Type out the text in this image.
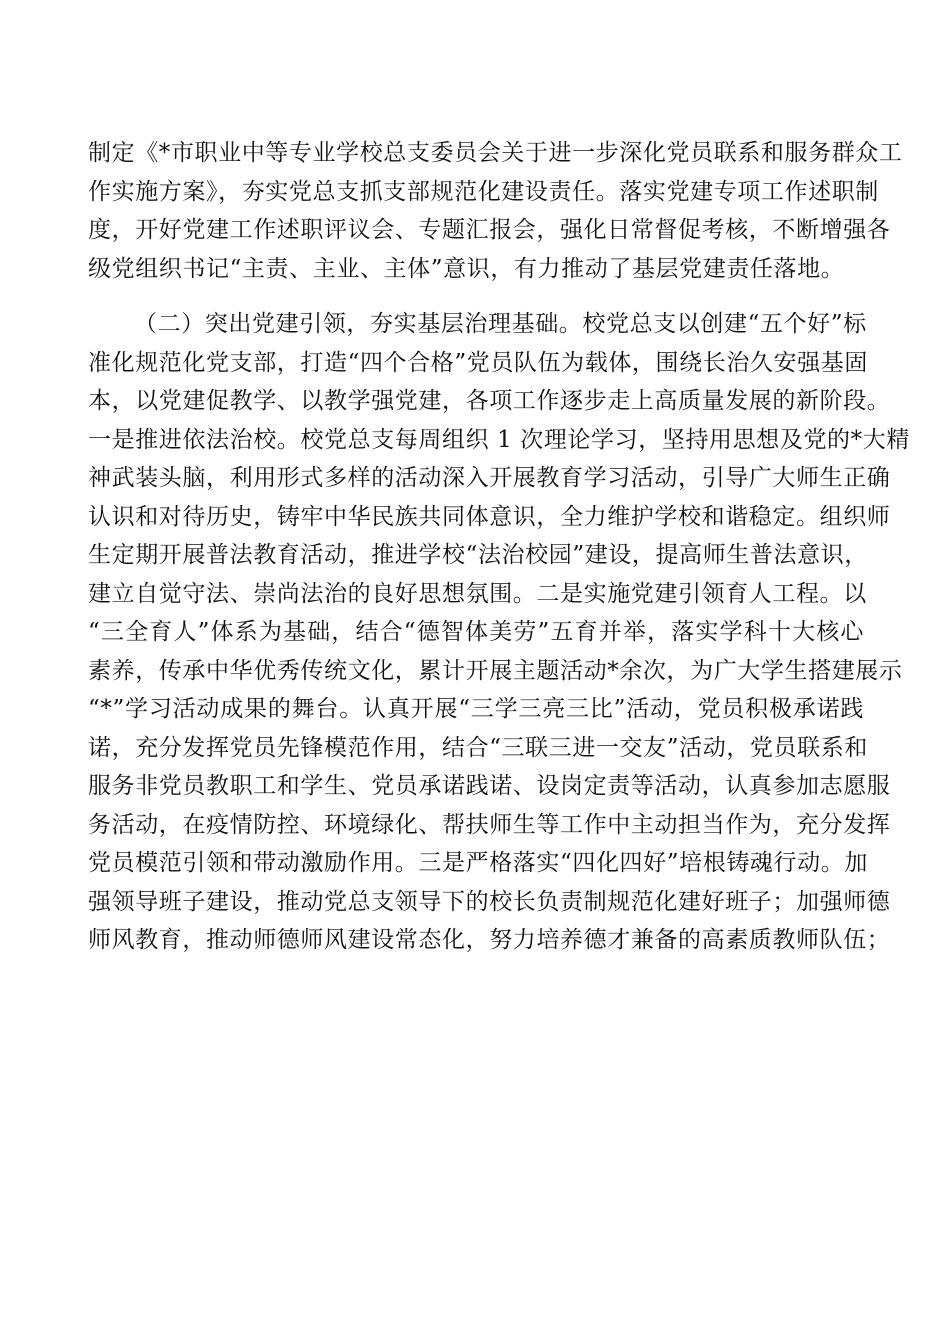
制定《*市职业中等专业学校总支委员会关于进一步深化党员联系和服务群众工
作实施方案》，夯实党总支抓支部规范化建设责任。落实党建专项工作述职制
度，开好党建工作述职评议会、专题汇报会，强化日常督促考核，不断增强各
级党组织书记“主责、主业、主体”意识，有力推动了基层党建责任落地。
（二）突出党建引领，夯实基层治理基础。校党总支以创建“五个好”标
准化规范化党支部，打造“四个合格”党员队伍为载体，围绕长治久安强基固
本，以党建促教学、以教学强党建，各项工作逐步走上高质量发展的新阶段。
一是推进依法治校。校党总支每周组织 1 次理论学习，坚持用思想及党的*大精
神武装头脑，利用形式多样的活动深入开展教育学习活动，引导广大师生正确
认识和对待历史，铸牢中华民族共同体意识，全力维护学校和谐稳定。组织师
生定期开展普法教育活动，推进学校“法治校园”建设，提高师生普法意识，
建立自觉守法、崇尚法治的良好思想氛围。二是实施党建引领育人工程。以
“三全育人”体系为基础，结合“德智体美劳”五育并举，落实学科十大核心
素养，传承中华优秀传统文化，累计开展主题活动*余次，为广大学生搭建展示
“*”学习活动成果的舞台。认真开展“三学三亮三比”活动，党员积极承诺践
诺，充分发挥党员先锋模范作用，结合“三联三进一交友”活动，党员联系和
服务非党员教职工和学生、党员承诺践诺、设岗定责等活动，认真参加志愿服
务活动，在疫情防控、环境绿化、帮扶师生等工作中主动担当作为，充分发挥
党员模范引领和带动激励作用。三是严格落实“四化四好”培根铸魂行动。加
强领导班子建设，推动党总支领导下的校长负责制规范化建好班子；加强师德
师风教育，推动师德师风建设常态化，努力培养德才兼备的高素质教师队伍；
